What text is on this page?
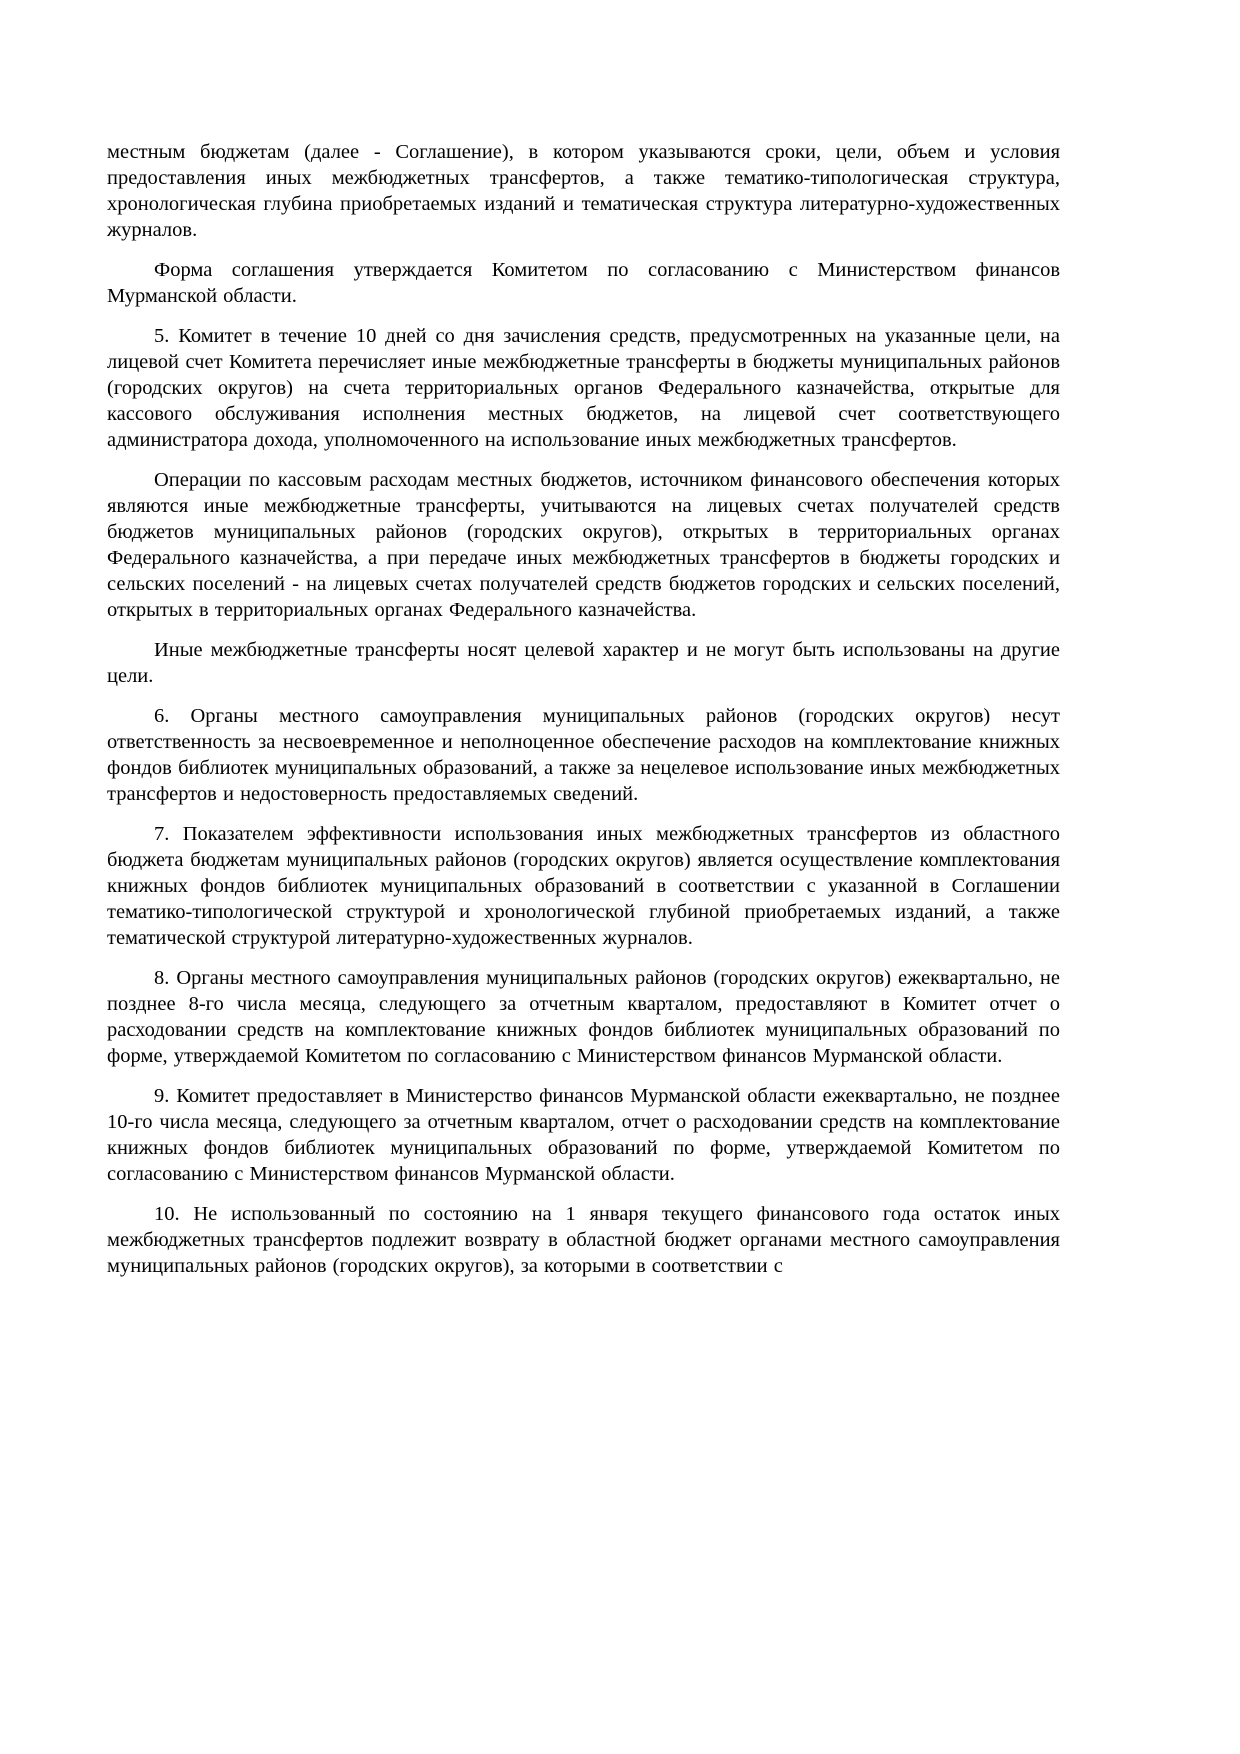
местным бюджетам (далее - Соглашение), в котором указываются сроки, цели, объем и условия предоставления иных межбюджетных трансфертов, а также тематико-типологическая структура, хронологическая глубина приобретаемых изданий и тематическая структура литературно-художественных журналов.

Форма соглашения утверждается Комитетом по согласованию с Министерством финансов Мурманской области.

5. Комитет в течение 10 дней со дня зачисления средств, предусмотренных на указанные цели, на лицевой счет Комитета перечисляет иные межбюджетные трансферты в бюджеты муниципальных районов (городских округов) на счета территориальных органов Федерального казначейства, открытые для кассового обслуживания исполнения местных бюджетов, на лицевой счет соответствующего администратора дохода, уполномоченного на использование иных межбюджетных трансфертов.

Операции по кассовым расходам местных бюджетов, источником финансового обеспечения которых являются иные межбюджетные трансферты, учитываются на лицевых счетах получателей средств бюджетов муниципальных районов (городских округов), открытых в территориальных органах Федерального казначейства, а при передаче иных межбюджетных трансфертов в бюджеты городских и сельских поселений - на лицевых счетах получателей средств бюджетов городских и сельских поселений, открытых в территориальных органах Федерального казначейства.

Иные межбюджетные трансферты носят целевой характер и не могут быть использованы на другие цели.

6. Органы местного самоуправления муниципальных районов (городских округов) несут ответственность за несвоевременное и неполноценное обеспечение расходов на комплектование книжных фондов библиотек муниципальных образований, а также за нецелевое использование иных межбюджетных трансфертов и недостоверность предоставляемых сведений.

7. Показателем эффективности использования иных межбюджетных трансфертов из областного бюджета бюджетам муниципальных районов (городских округов) является осуществление комплектования книжных фондов библиотек муниципальных образований в соответствии с указанной в Соглашении тематико-типологической структурой и хронологической глубиной приобретаемых изданий, а также тематической структурой литературно-художественных журналов.

8. Органы местного самоуправления муниципальных районов (городских округов) ежеквартально, не позднее 8-го числа месяца, следующего за отчетным кварталом, предоставляют в Комитет отчет о расходовании средств на комплектование книжных фондов библиотек муниципальных образований по форме, утверждаемой Комитетом по согласованию с Министерством финансов Мурманской области.

9. Комитет предоставляет в Министерство финансов Мурманской области ежеквартально, не позднее 10-го числа месяца, следующего за отчетным кварталом, отчет о расходовании средств на комплектование книжных фондов библиотек муниципальных образований по форме, утверждаемой Комитетом по согласованию с Министерством финансов Мурманской области.

10. Не использованный по состоянию на 1 января текущего финансового года остаток иных межбюджетных трансфертов подлежит возврату в областной бюджет органами местного самоуправления муниципальных районов (городских округов), за которыми в соответствии с
